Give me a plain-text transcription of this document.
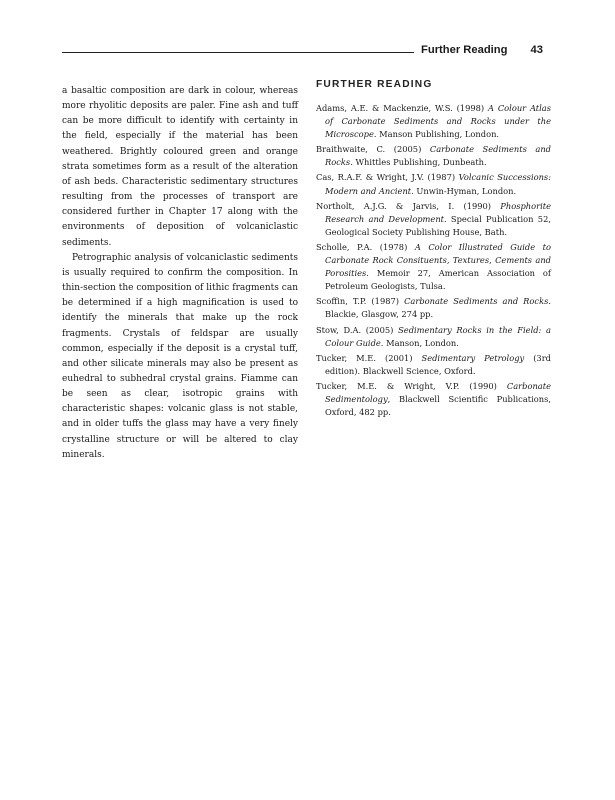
Further Reading 43

a basaltic composition are dark in colour, whereas more rhyolitic deposits are paler. Fine ash and tuff can be more difficult to identify with certainty in the field, especially if the material has been weathered. Brightly coloured green and orange strata sometimes form as a result of the alteration of ash beds. Characteristic sedimentary structures resulting from the processes of transport are considered further in Chapter 17 along with the environments of deposition of volcaniclastic sediments.

Petrographic analysis of volcaniclastic sediments is usually required to confirm the composition. In thin-section the composition of lithic fragments can be determined if a high magnification is used to identify the minerals that make up the rock fragments. Crystals of feldspar are usually common, especially if the deposit is a crystal tuff, and other silicate minerals may also be present as euhedral to subhedral crystal grains. Fiamme can be seen as clear, isotropic grains with characteristic shapes: volcanic glass is not stable, and in older tuffs the glass may have a very finely crystalline structure or will be altered to clay minerals.

FURTHER READING
Adams, A.E. & Mackenzie, W.S. (1998) A Colour Atlas of Carbonate Sediments and Rocks under the Microscope. Manson Publishing, London.
Braithwaite, C. (2005) Carbonate Sediments and Rocks. Whittles Publishing, Dunbeath.
Cas, R.A.F. & Wright, J.V. (1987) Volcanic Successions: Modern and Ancient. Unwin-Hyman, London.
Northolt, A.J.G. & Jarvis, I. (1990) Phosphorite Research and Development. Special Publication 52, Geological Society Publishing House, Bath.
Scholle, P.A. (1978) A Color Illustrated Guide to Carbonate Rock Consituents, Textures, Cements and Porosities. Memoir 27, American Association of Petroleum Geologists, Tulsa.
Scoffin, T.P. (1987) Carbonate Sediments and Rocks. Blackie, Glasgow, 274 pp.
Stow, D.A. (2005) Sedimentary Rocks in the Field: a Colour Guide. Manson, London.
Tucker, M.E. (2001) Sedimentary Petrology (3rd edition). Blackwell Science, Oxford.
Tucker, M.E. & Wright, V.P. (1990) Carbonate Sedimentology, Blackwell Scientific Publications, Oxford, 482 pp.
